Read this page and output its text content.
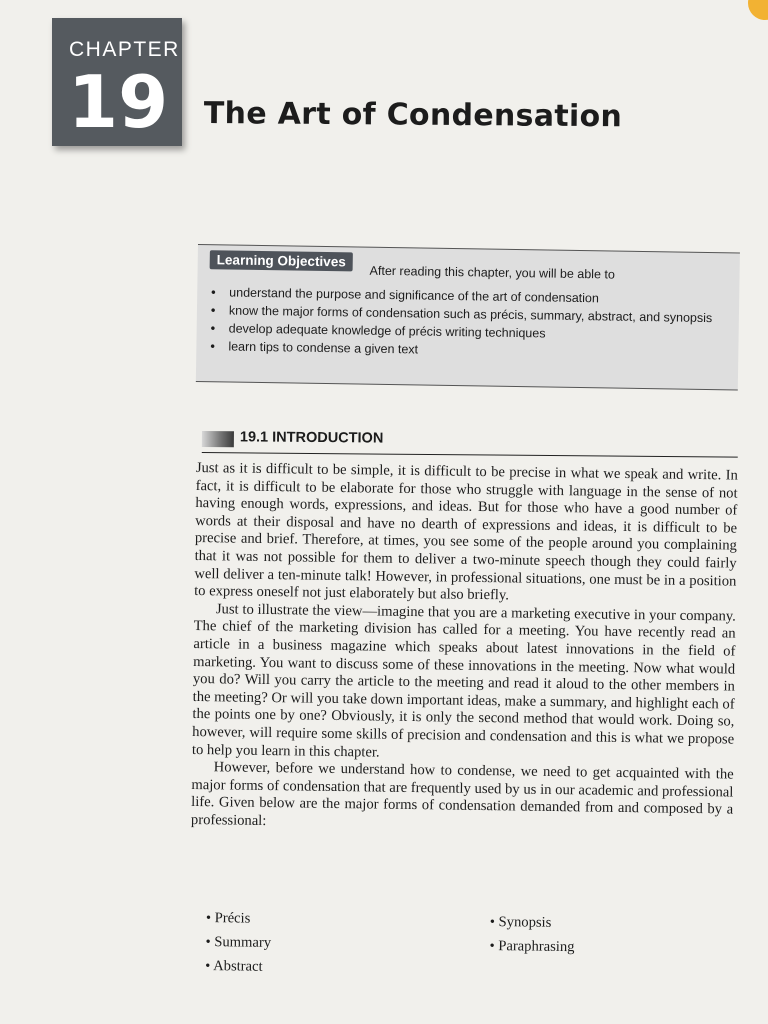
CHAPTER
19 The Art of Condensation
Learning Objectives
After reading this chapter, you will be able to
• understand the purpose and significance of the art of condensation
• know the major forms of condensation such as précis, summary, abstract, and synopsis
• develop adequate knowledge of précis writing techniques
• learn tips to condense a given text
19.1 INTRODUCTION

Just as it is difficult to be simple, it is difficult to be precise in what we speak and write. In fact, it is difficult to be elaborate for those who struggle with language in the sense of not having enough words, expressions, and ideas. But for those who have a good number of words at their disposal and have no dearth of expressions and ideas, it is difficult to be precise and brief. Therefore, at times, you see some of the people around you complaining that it was not possible for them to deliver a two-minute speech though they could fairly well deliver a ten-minute talk! However, in professional situations, one must be in a position to express oneself not just elaborately but also briefly.

Just to illustrate the view—imagine that you are a marketing executive in your company. The chief of the marketing division has called for a meeting. You have recently read an article in a business magazine which speaks about latest innovations in the field of marketing. You want to discuss some of these innovations in the meeting. Now what would you do? Will you carry the article to the meeting and read it aloud to the other members in the meeting? Or will you take down important ideas, make a summary, and highlight each of the points one by one? Obviously, it is only the second method that would work. Doing so, however, will require some skills of precision and condensation and this is what we propose to help you learn in this chapter.

However, before we understand how to condense, we need to get acquainted with the major forms of condensation that are frequently used by us in our academic and professional life. Given below are the major forms of condensation demanded from and composed by a professional:

• Précis
• Summary
• Abstract
• Synopsis
• Paraphrasing
